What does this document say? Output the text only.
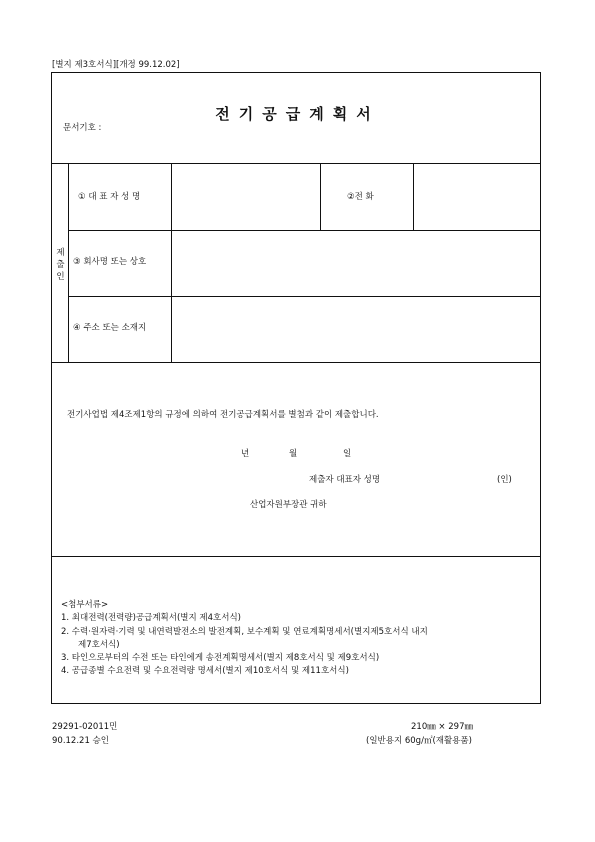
[별지 제3호서식][개정 99.12.02]
전기공급계획서
문서기호 :
제
출
인
① 대 표 자 성 명	②전 화
③ 회사명 또는 상호
④ 주소 또는 소재지
전기사업법 제4조제1항의 규정에 의하여 전기공급계획서를 별첨과 같이 제출합니다.
년	월	일
제출자 대표자 성명	(인)
산업자원부장관 귀하
<첨부서류>
1. 최대전력(전력량)공급계획서(별지 제4호서식)
2. 수력·원자력·기력 및 내연력발전소의 발전계획, 보수계획 및 연료계획명세서(별지제5호서식 내지
제7호서식)
3. 타인으로부터의 수전 또는 타인에게 송전계획명세서(별지 제8호서식 및 제9호서식)
4. 공급종별 수요전력 및 수요전력량 명세서(별지 제10호서식 및 제11호서식)
29291-02011민
90.12.21 승인
210㎜ × 297㎜
(일반용지 60g/㎡(재활용품)
